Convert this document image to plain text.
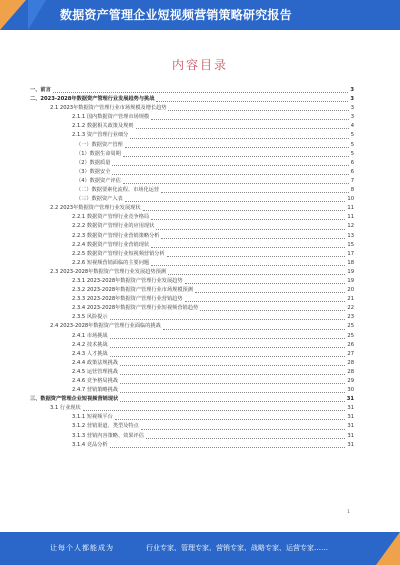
数据资产管理企业短视频营销策略研究报告
内容目录
一、前言	3
二、2023-2028年数据资产管理行业发展趋势与挑战	3
2.1 2023年数据资产管理行业市场规模及增长趋势	3
2.1.1 国内数据资产管理市场规模	3
2.1.2 数据相关政策及规则	4
2.1.3 资产管理行业细分	5
（一）数据资产管理	5
（1）数据生命周期	5
（2）数据质量	6
（3）数据安全	6
（4）数据资产评估	7
（二）数据要素化流程、市场化运营	8
（三）数据资产入表	10
2.2 2023年数据资产管理行业发展现状	11
2.2.1 数据资产管理行业竞争格局	11
2.2.2 数据资产管理行业的应用现状	12
2.2.3 数据资产管理行业营销策略分析	13
2.2.4 数据资产管理行业营销现状	15
2.2.5 数据资产管理行业短视频营销分析	17
2.2.6 短视频营销面临的主要问题	18
2.3 2023-2028年数据资产管理行业发展趋势预测	19
2.3.1 2023-2028年数据资产管理行业发展趋势	19
2.3.2 2023-2028年数据资产管理行业市场规模预测	20
2.3.3 2023-2028年数据资产管理行业营销趋势	21
2.3.4 2023-2028年数据资产管理行业短视频营销趋势	22
2.3.5 风险提示	23
2.4 2023-2028年数据资产管理行业面临的挑战	25
2.4.1 市场挑战	25
2.4.2 技术挑战	26
2.4.3 人才挑战	27
2.4.4 政策法规挑战	28
2.4.5 运营管理挑战	28
2.4.6 竞争格局挑战	29
2.4.7 营销策略挑战	30
三、数据资产管理企业短视频营销现状	31
3.1 行业现状	31
3.1.1 短视频平台	31
3.1.2 营销渠道、类型及特点	31
3.1.3 营销内容策略、效果评估	31
3.1.4 竞品分析	31
1
让每个人都能成为	行业专家、管理专家、营销专家、战略专家、运营专家……
